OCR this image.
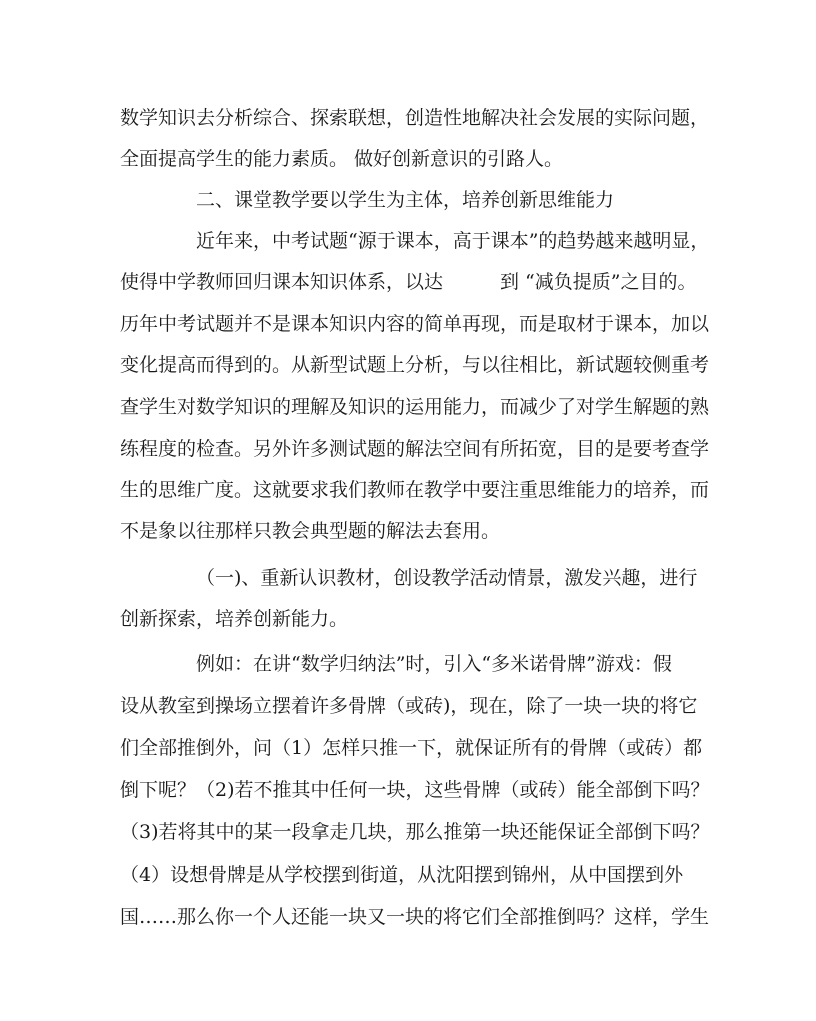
数学知识去分析综合、探索联想，创造性地解决社会发展的实际问题，

全面提高学生的能力素质。 做好创新意识的引路人。

二、课堂教学要以学生为主体，培养创新思维能力

近年来，中考试题“源于课本，高于课本”的趋势越来越明显，

使得中学教师回归课本知识体系，以达　　　到 “减负提质”之目的。

历年中考试题并不是课本知识内容的简单再现，而是取材于课本，加以

变化提高而得到的。从新型试题上分析，与以往相比，新试题较侧重考

查学生对数学知识的理解及知识的运用能力，而减少了对学生解题的熟

练程度的检查。另外许多测试题的解法空间有所拓宽，目的是要考查学

生的思维广度。这就要求我们教师在教学中要注重思维能力的培养，而

不是象以往那样只教会典型题的解法去套用。

（一)、重新认识教材，创设教学活动情景，激发兴趣，进行

创新探索，培养创新能力。

例如：在讲“数学归纳法”时，引入“多米诺骨牌”游戏：假

设从教室到操场立摆着许多骨牌（或砖)，现在，除了一块一块的将它

们全部推倒外，问（1）怎样只推一下，就保证所有的骨牌（或砖）都

倒下呢？（2)若不推其中任何一块，这些骨牌（或砖）能全部倒下吗？

（3)若将其中的某一段拿走几块，那么推第一块还能保证全部倒下吗？

（4）设想骨牌是从学校摆到街道，从沈阳摆到锦州，从中国摆到外

国……那么你一个人还能一块又一块的将它们全部推倒吗？这样，学生
